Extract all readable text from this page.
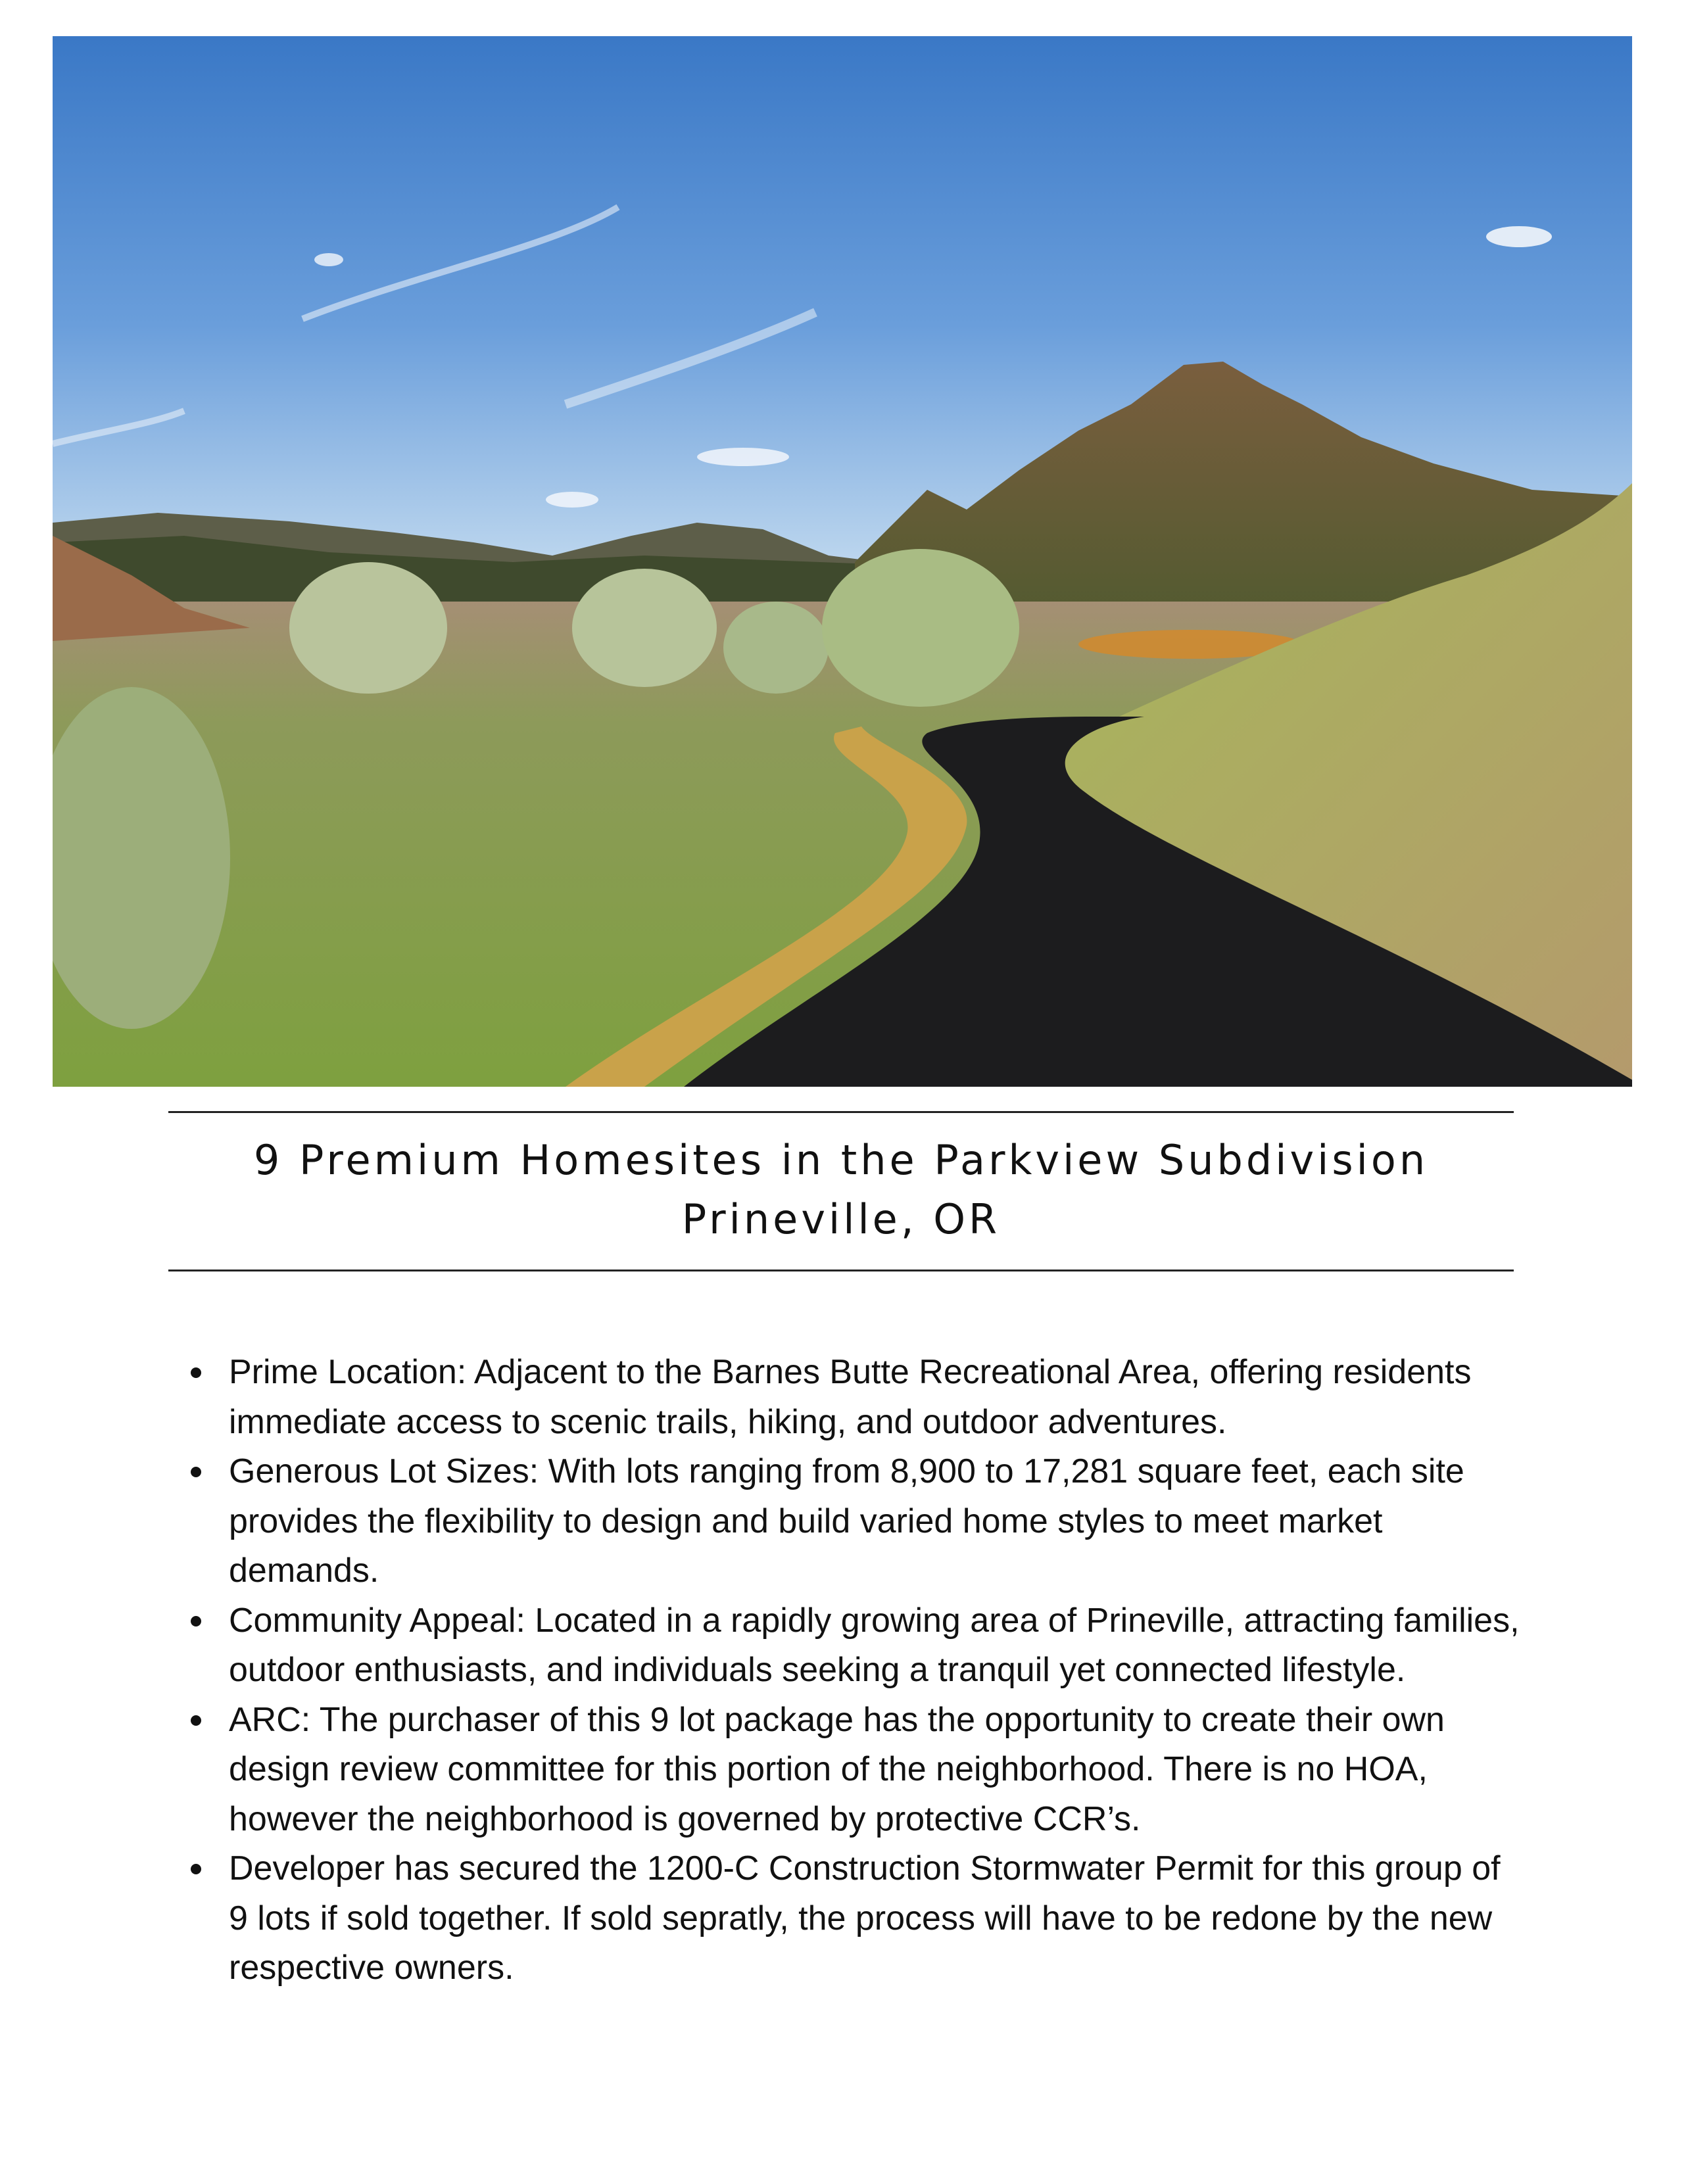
9 Premium Homesites in the Parkview Subdivision
Prineville, OR
Prime Location: Adjacent to the Barnes Butte Recreational Area, offering residents immediate access to scenic trails, hiking, and outdoor adventures.
Generous Lot Sizes: With lots ranging from 8,900 to 17,281 square feet, each site provides the flexibility to design and build varied home styles to meet market demands.
Community Appeal: Located in a rapidly growing area of Prineville, attracting families, outdoor enthusiasts, and individuals seeking a tranquil yet connected lifestyle.
ARC: The purchaser of this 9 lot package has the opportunity to create their own design review committee for this portion of the neighborhood. There is no HOA, however the neighborhood is governed by protective CCR’s.
Developer has secured the 1200-C Construction Stormwater Permit for this group of 9 lots if sold together. If sold sepratly, the process will have to be redone by the new respective owners.
